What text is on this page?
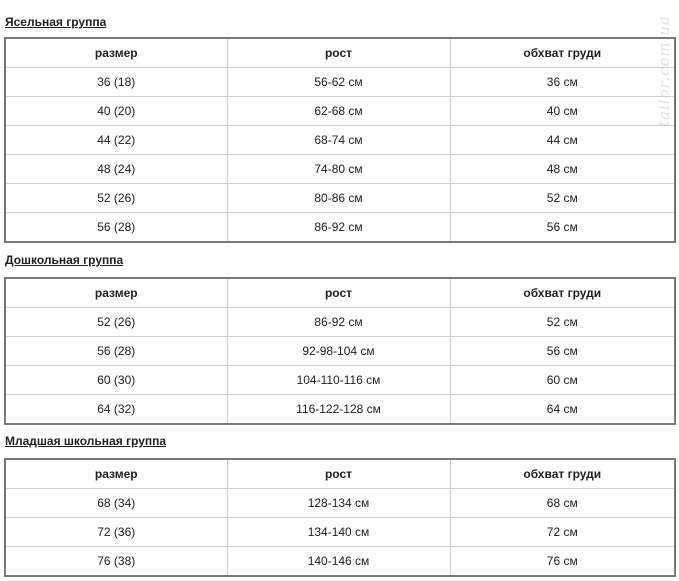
tailor.com.ua

Ясельная группа

размер	рост	обхват груди
36 (18)	56-62 см	36 см
40 (20)	62-68 см	40 см
44 (22)	68-74 см	44 см
48 (24)	74-80 см	48 см
52 (26)	80-86 см	52 см
56 (28)	86-92 см	56 см

Дошкольная группа

размер	рост	обхват груди
52 (26)	86-92 см	52 см
56 (28)	92-98-104 см	56 см
60 (30)	104-110-116 см	60 см
64 (32)	116-122-128 см	64 см

Младшая школьная группа

размер	рост	обхват груди
68 (34)	128-134 см	68 см
72 (36)	134-140 см	72 см
76 (38)	140-146 см	76 см
